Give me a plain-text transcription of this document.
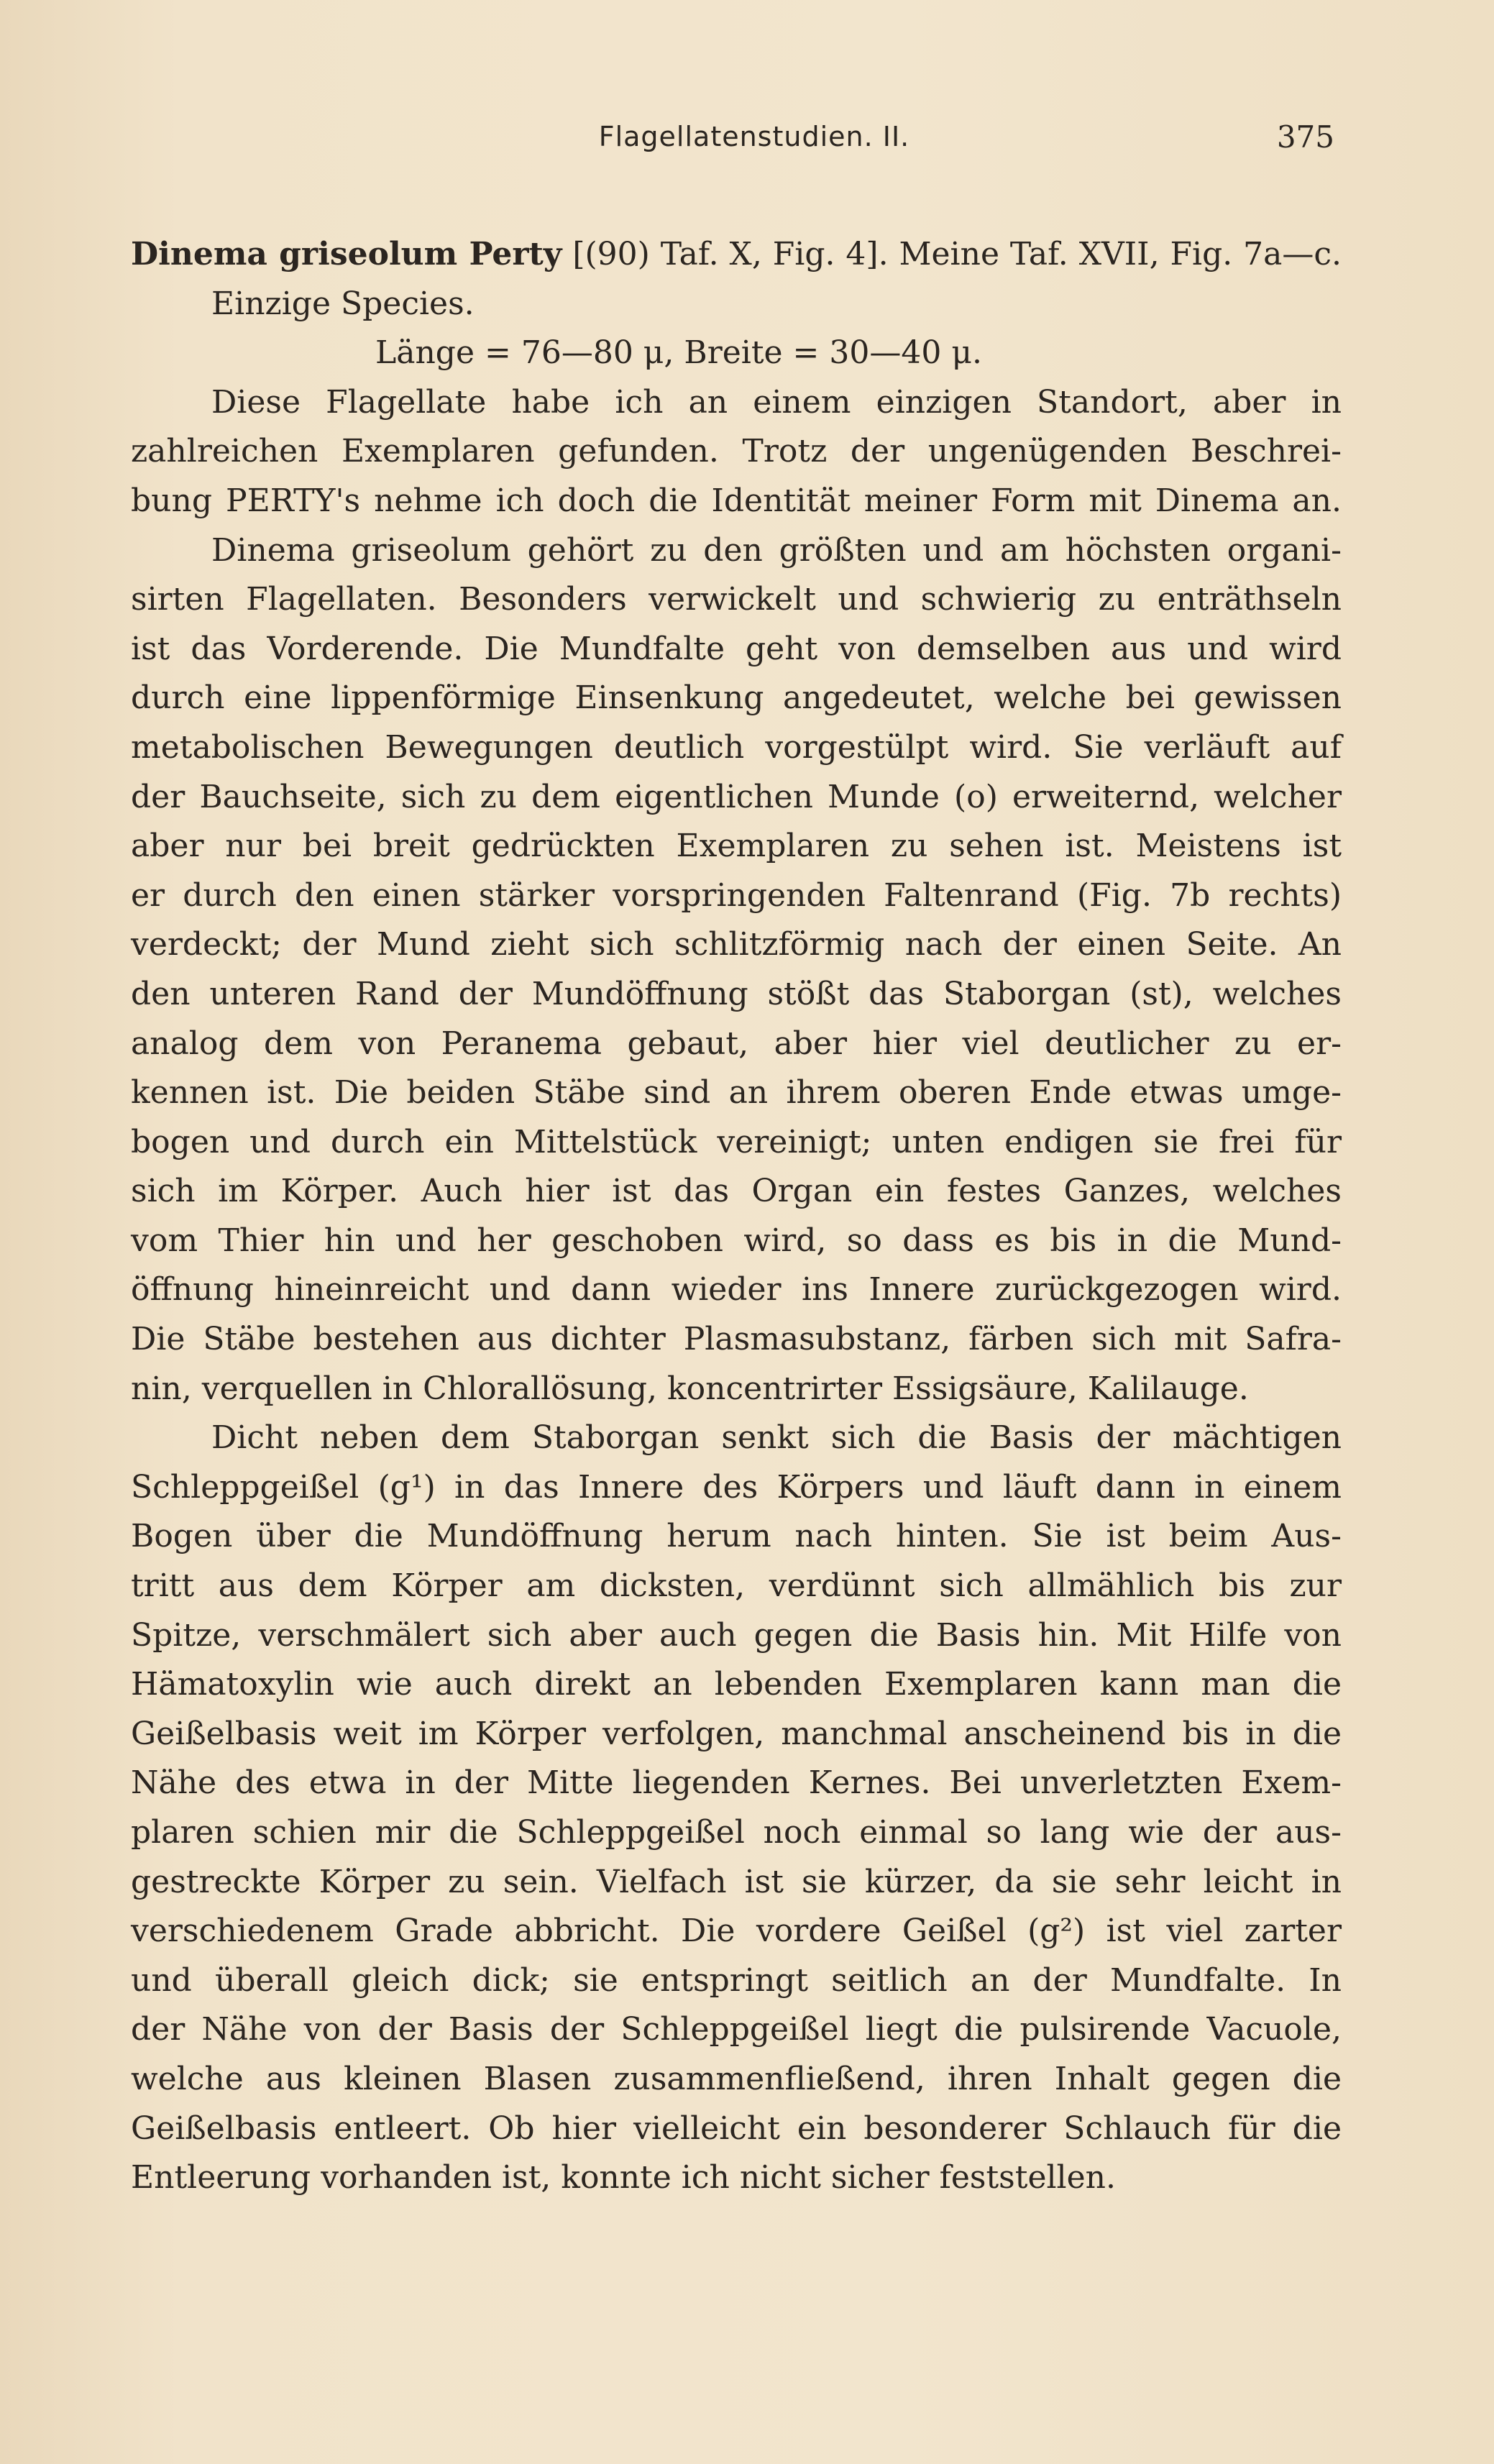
Flagellatenstudien. II.	375
Dinema griseolum Perty [(90) Taf. X, Fig. 4]. Meine Taf. XVII, Fig. 7a—c.
Einzige Species.
Länge = 76—80 μ, Breite = 30—40 μ.
Diese Flagellate habe ich an einem einzigen Standort, aber in
zahlreichen Exemplaren gefunden. Trotz der ungenügenden Beschrei-
bung PERTY's nehme ich doch die Identität meiner Form mit Dinema an.
Dinema griseolum gehört zu den größten und am höchsten organi-
sirten Flagellaten. Besonders verwickelt und schwierig zu enträthseln
ist das Vorderende. Die Mundfalte geht von demselben aus und wird
durch eine lippenförmige Einsenkung angedeutet, welche bei gewissen
metabolischen Bewegungen deutlich vorgestülpt wird. Sie verläuft auf
der Bauchseite, sich zu dem eigentlichen Munde (o) erweiternd, welcher
aber nur bei breit gedrückten Exemplaren zu sehen ist. Meistens ist
er durch den einen stärker vorspringenden Faltenrand (Fig. 7b rechts)
verdeckt; der Mund zieht sich schlitzförmig nach der einen Seite. An
den unteren Rand der Mundöffnung stößt das Staborgan (st), welches
analog dem von Peranema gebaut, aber hier viel deutlicher zu er-
kennen ist. Die beiden Stäbe sind an ihrem oberen Ende etwas umge-
bogen und durch ein Mittelstück vereinigt; unten endigen sie frei für
sich im Körper. Auch hier ist das Organ ein festes Ganzes, welches
vom Thier hin und her geschoben wird, so dass es bis in die Mund-
öffnung hineinreicht und dann wieder ins Innere zurückgezogen wird.
Die Stäbe bestehen aus dichter Plasmasubstanz, färben sich mit Safra-
nin, verquellen in Chlorallösung, koncentrirter Essigsäure, Kalilauge.
Dicht neben dem Staborgan senkt sich die Basis der mächtigen
Schleppgeißel (g¹) in das Innere des Körpers und läuft dann in einem
Bogen über die Mundöffnung herum nach hinten. Sie ist beim Aus-
tritt aus dem Körper am dicksten, verdünnt sich allmählich bis zur
Spitze, verschmälert sich aber auch gegen die Basis hin. Mit Hilfe von
Hämatoxylin wie auch direkt an lebenden Exemplaren kann man die
Geißelbasis weit im Körper verfolgen, manchmal anscheinend bis in die
Nähe des etwa in der Mitte liegenden Kernes. Bei unverletzten Exem-
plaren schien mir die Schleppgeißel noch einmal so lang wie der aus-
gestreckte Körper zu sein. Vielfach ist sie kürzer, da sie sehr leicht in
verschiedenem Grade abbricht. Die vordere Geißel (g²) ist viel zarter
und überall gleich dick; sie entspringt seitlich an der Mundfalte. In
der Nähe von der Basis der Schleppgeißel liegt die pulsirende Vacuole,
welche aus kleinen Blasen zusammenfließend, ihren Inhalt gegen die
Geißelbasis entleert. Ob hier vielleicht ein besonderer Schlauch für die
Entleerung vorhanden ist, konnte ich nicht sicher feststellen.
